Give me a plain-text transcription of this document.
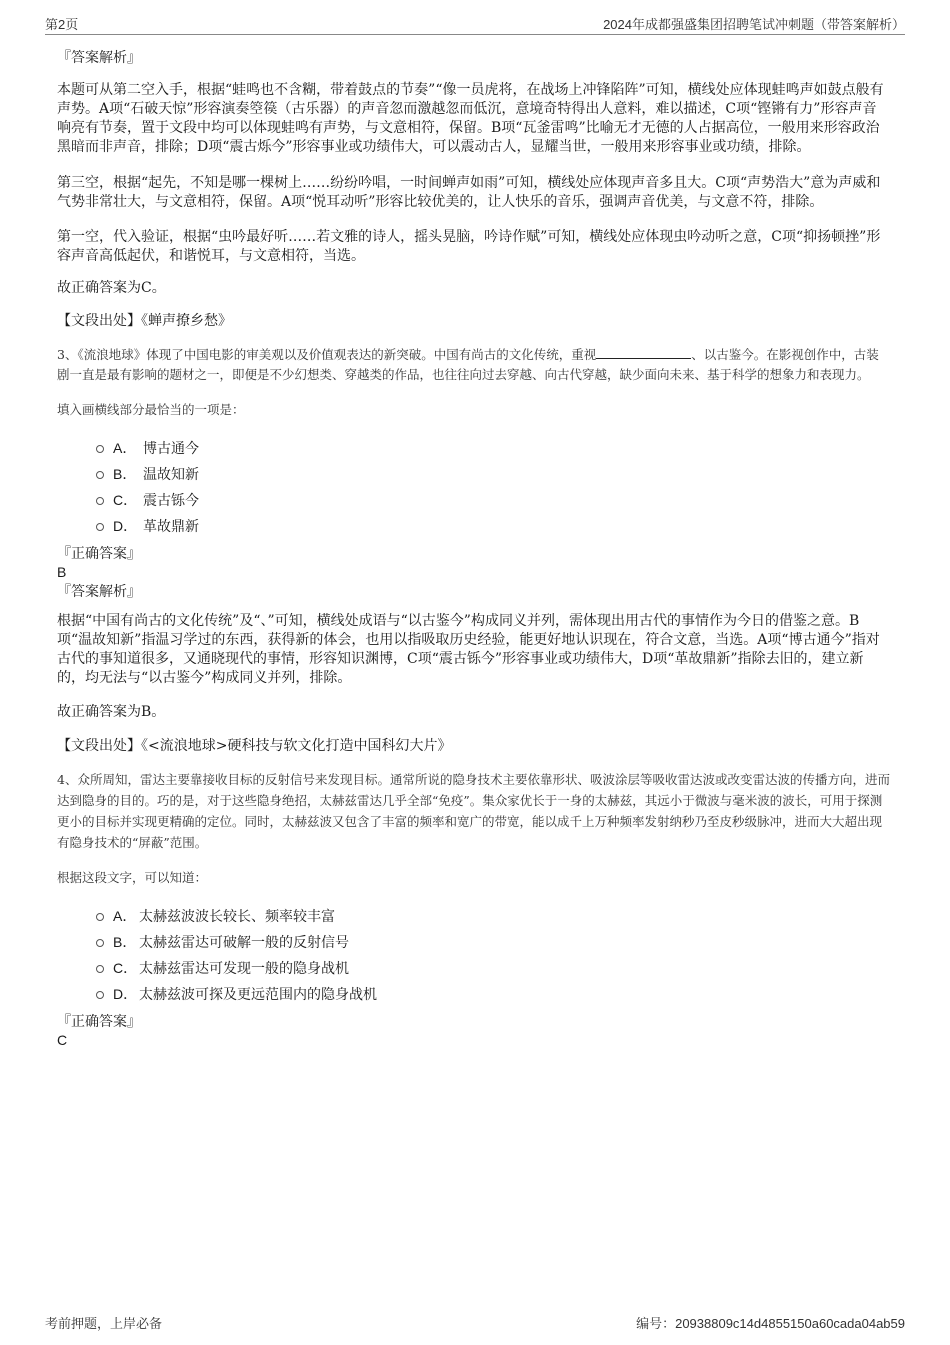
第2页	2024年成都强盛集团招聘笔试冲刺题（带答案解析）

『答案解析』

本题可从第二空入手，根据“蛙鸣也不含糊，带着鼓点的节奏”“像一员虎将，在战场上冲锋陷阵”可知，横线处应体现蛙鸣声如鼓点般有声势。A项“石破天惊”形容演奏箜篌（古乐器）的声音忽而激越忽而低沉，意境奇特得出人意料，难以描述，C项“铿锵有力”形容声音响亮有节奏，置于文段中均可以体现蛙鸣有声势，与文意相符，保留。B项“瓦釜雷鸣”比喻无才无德的人占据高位，一般用来形容政治黑暗而非声音，排除；D项“震古烁今”形容事业或功绩伟大，可以震动古人，显耀当世，一般用来形容事业或功绩，排除。

第三空，根据“起先，不知是哪一棵树上……纷纷吟唱，一时间蝉声如雨”可知，横线处应体现声音多且大。C项“声势浩大”意为声威和气势非常壮大，与文意相符，保留。A项“悦耳动听”形容比较优美的，让人快乐的音乐，强调声音优美，与文意不符，排除。

第一空，代入验证，根据“虫吟最好听……若文雅的诗人，摇头晃脑，吟诗作赋”可知，横线处应体现虫吟动听之意，C项“抑扬顿挫”形容声音高低起伏，和谐悦耳，与文意相符，当选。

故正确答案为C。

【文段出处】《蝉声撩乡愁》

3、《流浪地球》体现了中国电影的审美观以及价值观表达的新突破。中国有尚古的文化传统，重视	、以古鉴今。在影视创作中，古装剧一直是最有影响的题材之一，即便是不少幻想类、穿越类的作品，也往往向过去穿越、向古代穿越，缺少面向未来、基于科学的想象力和表现力。

填入画横线部分最恰当的一项是：

A． 博古通今
B． 温故知新
C． 震古铄今
D． 革故鼎新

『正确答案』

B

『答案解析』

根据“中国有尚古的文化传统”及“、”可知，横线处成语与“以古鉴今”构成同义并列，需体现出用古代的事情作为今日的借鉴之意。B项“温故知新”指温习学过的东西，获得新的体会，也用以指吸取历史经验，能更好地认识现在，符合文意，当选。A项“博古通今”指对古代的事知道很多，又通晓现代的事情，形容知识渊博，C项“震古铄今”形容事业或功绩伟大，D项“革故鼎新”指除去旧的，建立新的，均无法与“以古鉴今”构成同义并列，排除。

故正确答案为B。

【文段出处】《<流浪地球>硬科技与软文化打造中国科幻大片》

4、众所周知，雷达主要靠接收目标的反射信号来发现目标。通常所说的隐身技术主要依靠形状、吸波涂层等吸收雷达波或改变雷达波的传播方向，进而达到隐身的目的。巧的是，对于这些隐身绝招，太赫兹雷达几乎全部“免疫”。集众家优长于一身的太赫兹，其远小于微波与毫米波的波长，可用于探测更小的目标并实现更精确的定位。同时，太赫兹波又包含了丰富的频率和宽广的带宽，能以成千上万种频率发射纳秒乃至皮秒级脉冲，进而大大超出现有隐身技术的“屏蔽”范围。

根据这段文字，可以知道：

A． 太赫兹波波长较长、频率较丰富
B． 太赫兹雷达可破解一般的反射信号
C． 太赫兹雷达可发现一般的隐身战机
D． 太赫兹波可探及更远范围内的隐身战机

『正确答案』

C

考前押题，上岸必备	编号：20938809c14d4855150a60cada04ab59
